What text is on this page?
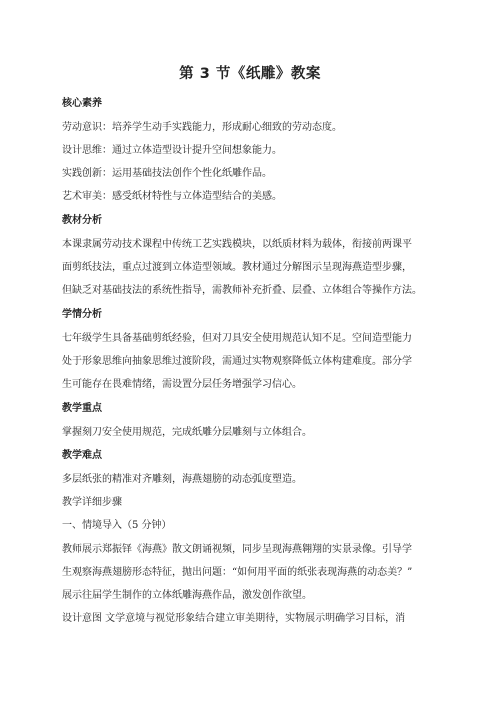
第 3 节《纸雕》教案
核心素养
劳动意识：培养学生动手实践能力，形成耐心细致的劳动态度。
设计思维：通过立体造型设计提升空间想象能力。
实践创新：运用基础技法创作个性化纸雕作品。
艺术审美：感受纸材特性与立体造型结合的美感。
教材分析
本课隶属劳动技术课程中传统工艺实践模块，以纸质材料为载体，衔接前两课平
面剪纸技法，重点过渡到立体造型领域。教材通过分解图示呈现海燕造型步骤，
但缺乏对基础技法的系统性指导，需教师补充折叠、层叠、立体组合等操作方法。
学情分析
七年级学生具备基础剪纸经验，但对刀具安全使用规范认知不足。空间造型能力
处于形象思维向抽象思维过渡阶段，需通过实物观察降低立体构建难度。部分学
生可能存在畏难情绪，需设置分层任务增强学习信心。
教学重点
掌握刻刀安全使用规范，完成纸雕分层雕刻与立体组合。
教学难点
多层纸张的精准对齐雕刻，海燕翅膀的动态弧度塑造。
教学详细步骤
一、情境导入（5 分钟）
教师展示郑振铎《海燕》散文朗诵视频，同步呈现海燕翱翔的实景录像。引导学
生观察海燕翅膀形态特征，抛出问题：“如何用平面的纸张表现海燕的动态美？”
展示往届学生制作的立体纸雕海燕作品，激发创作欲望。
设计意图 文学意境与视觉形象结合建立审美期待，实物展示明确学习目标，消
